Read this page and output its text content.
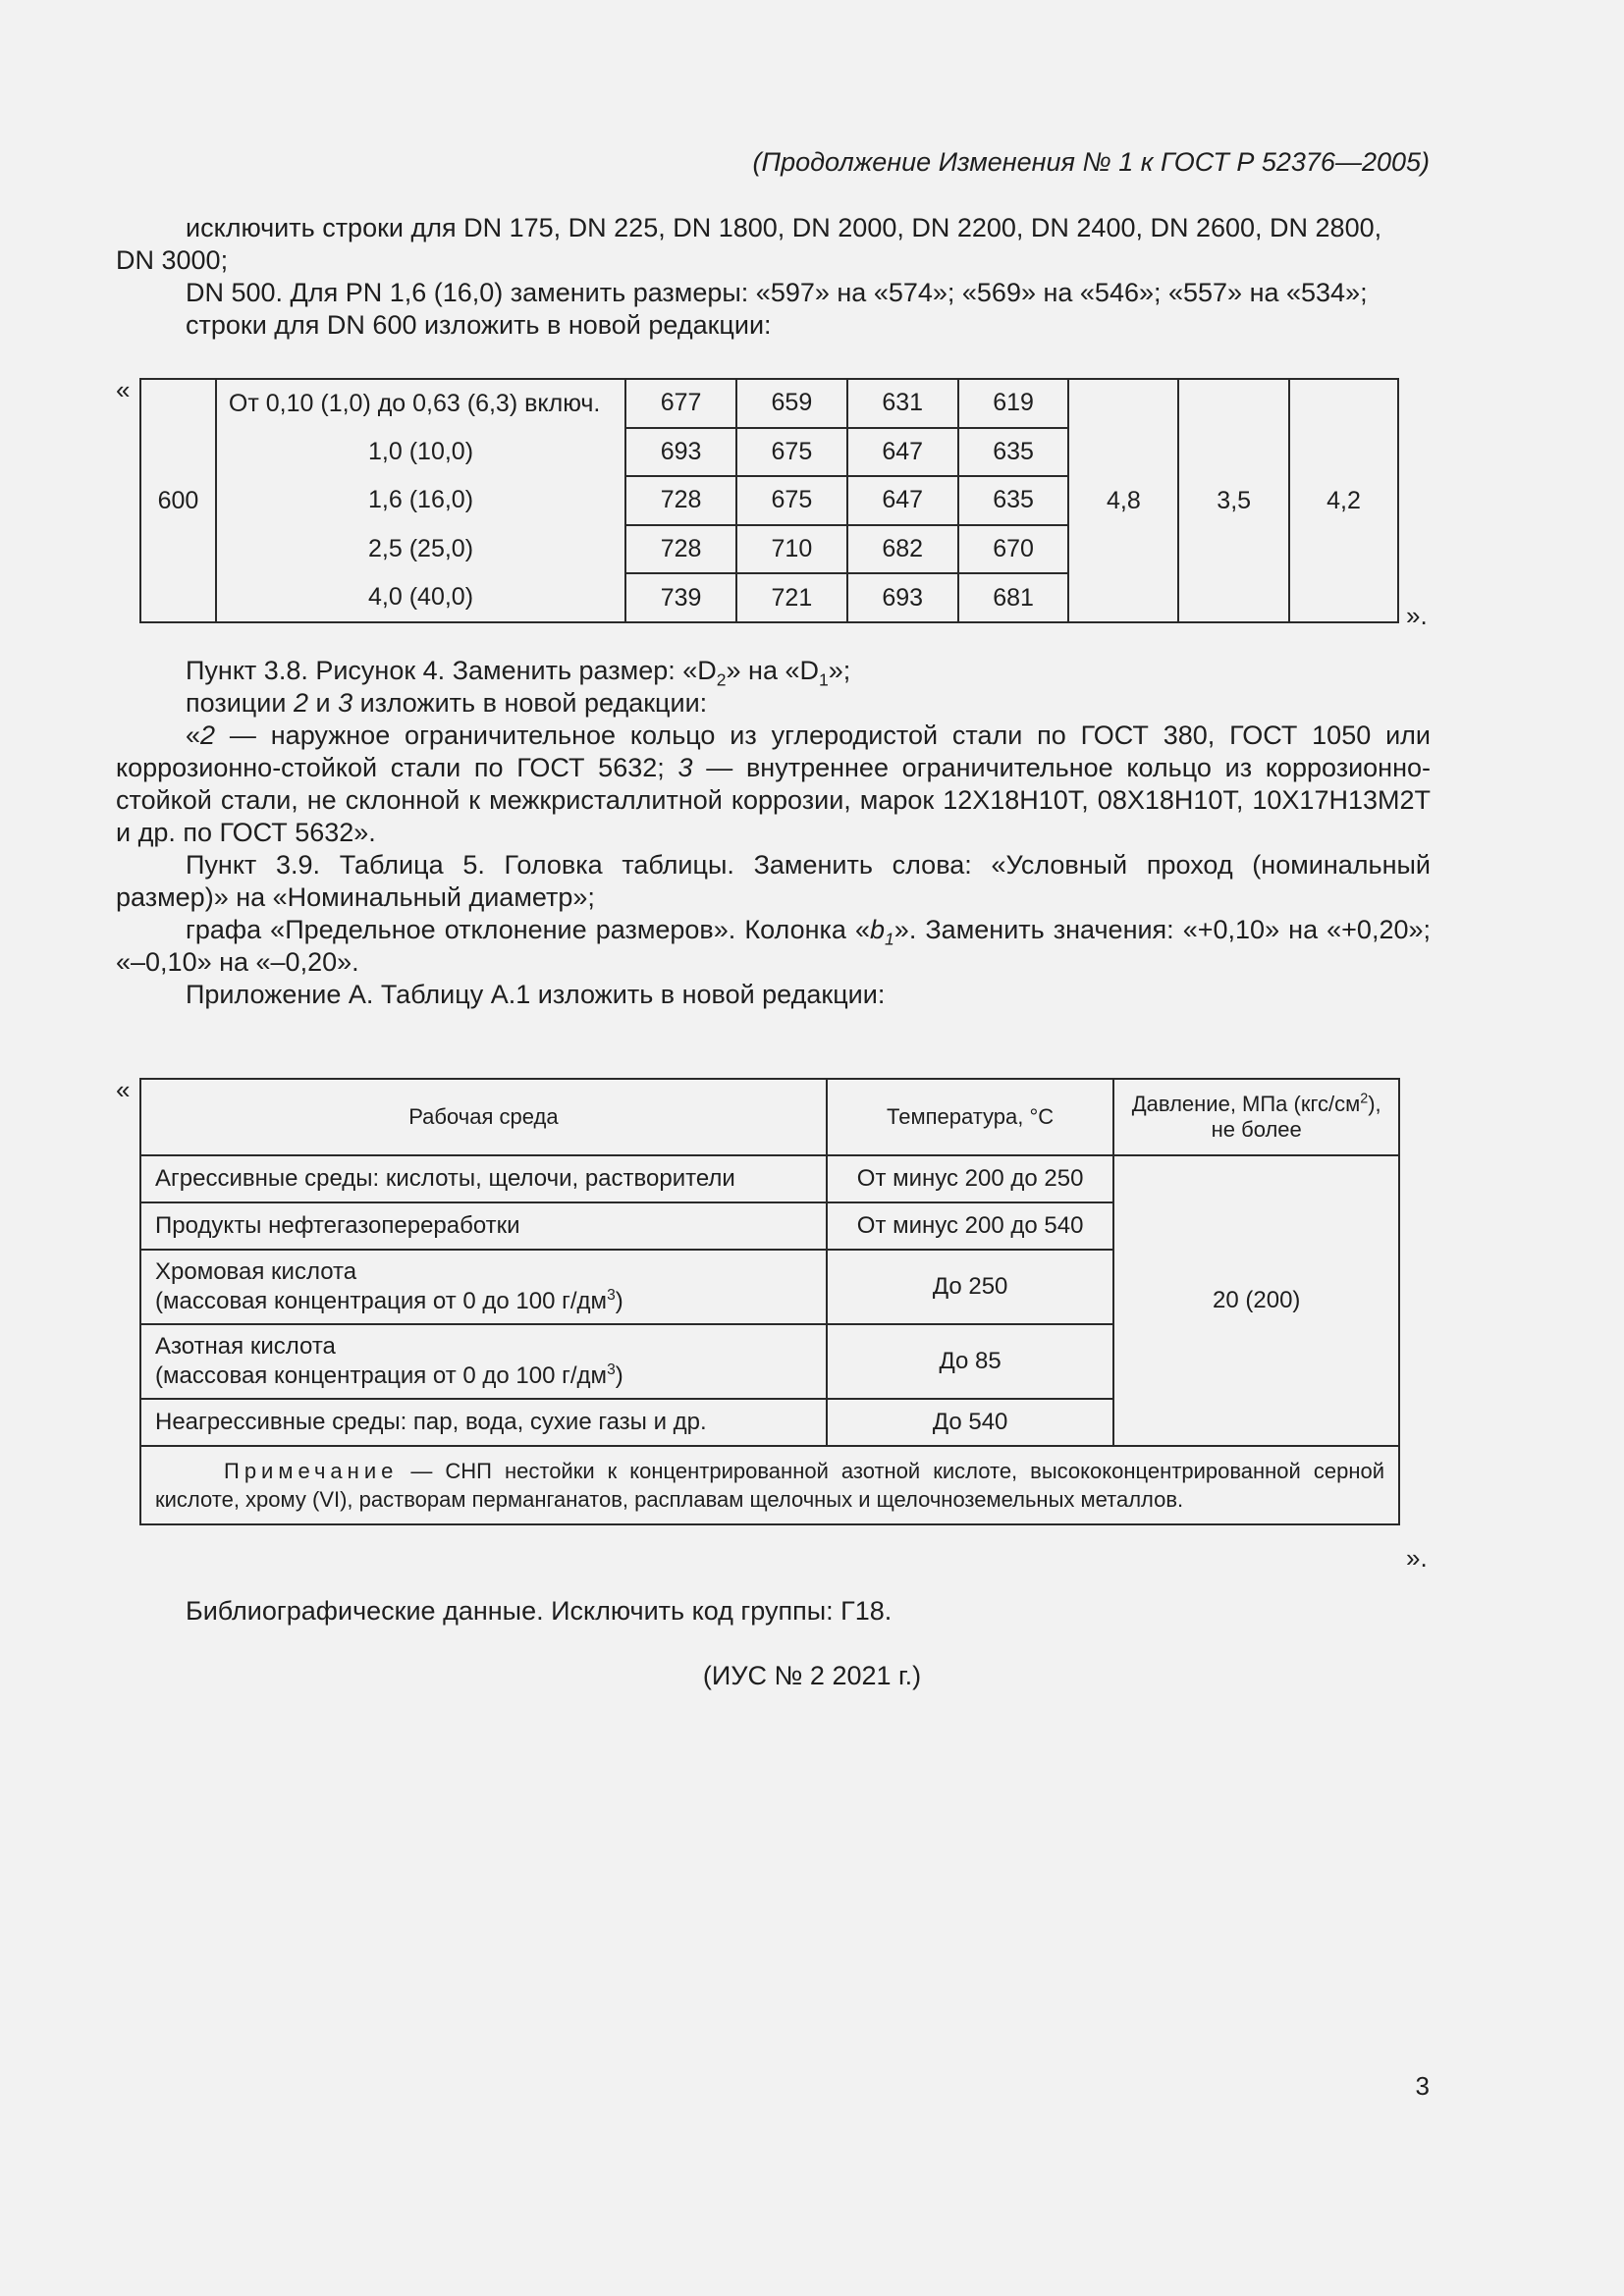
(Продолжение Изменения № 1 к ГОСТ Р 52376—2005)
исключить строки для DN 175, DN 225, DN 1800, DN 2000, DN 2200, DN 2400, DN 2600, DN 2800,
DN 3000;
DN 500. Для PN 1,6 (16,0) заменить размеры: «597» на «574»; «569» на «546»; «557» на «534»;
строки для DN 600 изложить в новой редакции:
«
600	От 0,10 (1,0) до 0,63 (6,3) включ.	677	659	631	619	4,8	3,5	4,2
	1,0 (10,0)	693	675	647	635			
	1,6 (16,0)	728	675	647	635			
	2,5 (25,0)	728	710	682	670			
	4,0 (40,0)	739	721	693	681			
».
Пункт 3.8. Рисунок 4. Заменить размер: «$D_2$» на «$D_1$»;
позиции 2 и 3 изложить в новой редакции:
«2 — наружное ограничительное кольцо из углеродистой стали по ГОСТ 380, ГОСТ 1050 или коррозионно-стойкой стали по ГОСТ 5632; 3 — внутреннее ограничительное кольцо из коррозионно-стойкой стали, не склонной к межкристаллитной коррозии, марок 12Х18Н10Т, 08Х18Н10Т, 10Х17Н13М2Т и др. по ГОСТ 5632».
Пункт 3.9. Таблица 5. Головка таблицы. Заменить слова: «Условный проход (номинальный размер)» на «Номинальный диаметр»;
графа «Предельное отклонение размеров». Колонка «$b_1$». Заменить значения: «+0,10» на «+0,20»; «–0,10» на «–0,20».
Приложение А. Таблицу А.1 изложить в новой редакции:
«
Рабочая среда	Температура, °С	Давление, МПа $(кгс/см^2)$,
не более
Агрессивные среды: кислоты, щелочи, растворители	От минус 200 до 250	20 (200)
Продукты нефтегазопереработки	От минус 200 до 540	
Хромовая кислота
(массовая концентрация от 0 до 100 $г/дм^3$)	До 250	
Азотная кислота
(массовая концентрация от 0 до 100 $г/дм^3$)	До 85	
Неагрессивные среды: пар, вода, сухие газы и др.	До 540	
Примечание — СНП нестойки к концентрированной азотной кислоте, высококонцентрированной серной кислоте, хрому (VI), растворам перманганатов, расплавам щелочных и щелочноземельных металлов.		
».
Библиографические данные. Исключить код группы: Г18.
(ИУС № 2 2021 г.)
3
